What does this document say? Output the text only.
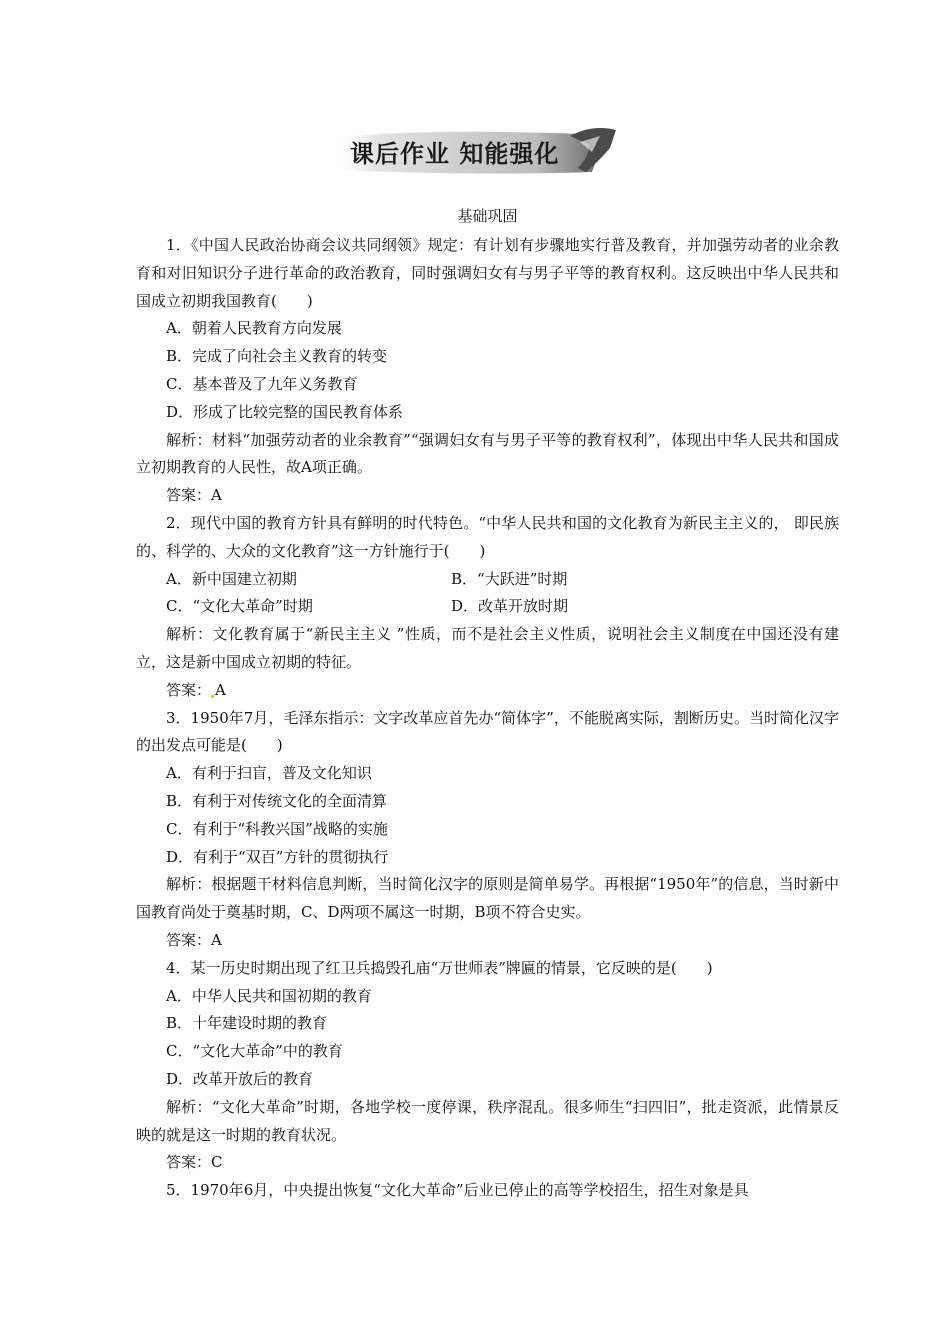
课后作业 知能强化
基础巩固

1．《中国人民政治协商会议共同纲领》规定：有计划有步骤地实行普及教育，并加强劳动者的业余教育和对旧知识分子进行革命的政治教育，同时强调妇女有与男子平等的教育权利。这反映出中华人民共和国成立初期我国教育(　　)

A．朝着人民教育方向发展
B．完成了向社会主义教育的转变
C．基本普及了九年义务教育
D．形成了比较完整的国民教育体系

解析：材料“加强劳动者的业余教育”“强调妇女有与男子平等的教育权利”，体现出中华人民共和国成立初期教育的人民性，故A项正确。

答案：A

2．现代中国的教育方针具有鲜明的时代特色。“中华人民共和国的文化教育为新民主主义的， 即民族的、科学的、大众的文化教育”这一方针施行于(　　)

A．新中国建立初期	B．“大跃进”时期
C．“文化大革命”时期	D．改革开放时期

解析：文化教育属于“新民主主义 ”性质，而不是社会主义性质，说明社会主义制度在中国还没有建立，这是新中国成立初期的特征。

答案： A

3．1950年7月，毛泽东指示：文字改革应首先办“简体字”，不能脱离实际，割断历史。当时简化汉字的出发点可能是(　　)

A．有利于扫盲，普及文化知识
B．有利于对传统文化的全面清算
C．有利于“科教兴国”战略的实施
D．有利于“双百”方针的贯彻执行

解析：根据题干材料信息判断，当时简化汉字的原则是简单易学。再根据“1950年”的信息，当时新中国教育尚处于奠基时期，C、D两项不属这一时期，B项不符合史实。

答案：A

4．某一历史时期出现了红卫兵捣毁孔庙“万世师表”牌匾的情景，它反映的是(　　)

A．中华人民共和国初期的教育
B．十年建设时期的教育
C．“文化大革命”中的教育
D．改革开放后的教育

解析：“文化大革命”时期，各地学校一度停课，秩序混乱。很多师生“扫四旧”，批走资派，此情景反映的就是这一时期的教育状况。

答案：C

5．1970年6月，中央提出恢复“文化大革命”后业已停止的高等学校招生，招生对象是具
